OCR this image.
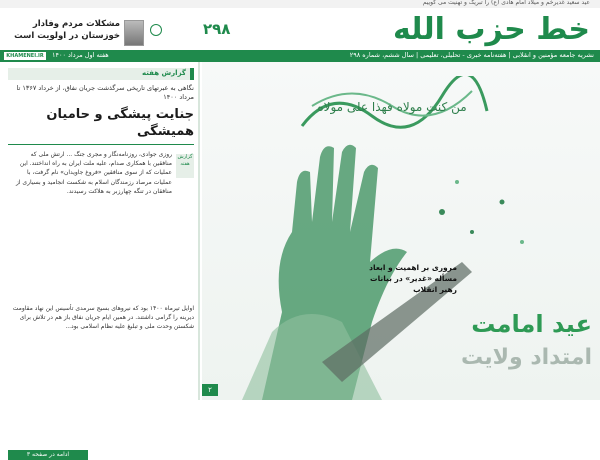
عید سعید غدیرخم و میلاد امام هادی (ع) را تبریک و تهنیت می گوییم
مشکلات مردم وفادار خوزستان در اولویت است	۲۹۸	خط حزب الله
KHAMENEI.IR	هفته اول مرداد ۱۴۰۰	نشریه جامعه مؤمنین و انقلابی | هفته‌نامه خبری - تحلیلی، تعلیمی | سال ششم، شماره ۲۹۸
گزارش هفته
نگاهی به عبرتهای تاریخی سرگذشت جریان نفاق، از خرداد ۱۳۶۷ تا مرداد ۱۴۰۰
جنایت پیشگی و حامیان همیشگی
گزارش هفته
روزی جوادی، روزنامه‌نگار و مجری جنگ ... ارتش ملی که منافقین با همکاری صدام، علیه ملت ایران به راه انداختند. این عملیات که از سوی منافقین «فروغ جاویدان» نام گرفت، با عملیات مرصاد رزمندگان اسلام به شکست انجامید و بسیاری از منافقان در تنگه چهارزبر به هلاکت رسیدند.
اوایل تیرماه ۱۴۰۰ بود که نیروهای بسیج سرمدی تأسیس این نهاد مقاومت دیرینه را گرامی داشتند. در همین ایام جریان نفاق باز هم در تلاش برای شکستن وحدت ملی و تبلیغ علیه نظام اسلامی بود...
ادامه در صفحه ۳
من کنت مولاه فهذا علی مولاه
مروری بر اهمیت و ابعاد مسأله «غدیر» در بیانات رهبر انقلاب
عید امامت
امتداد ولایت
۲
